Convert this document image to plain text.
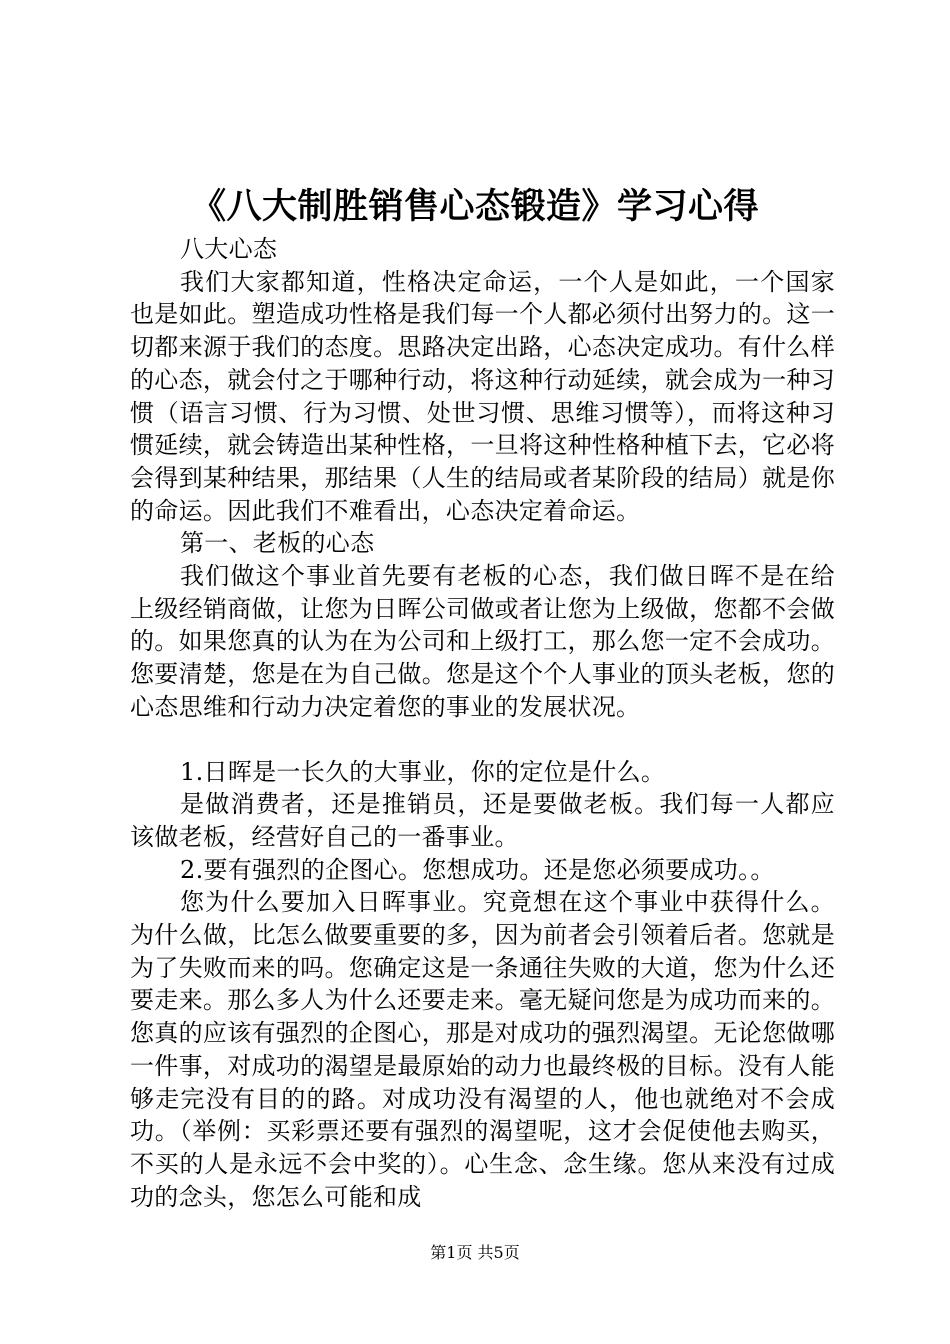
《八大制胜销售心态锻造》学习心得

八大心态

我们大家都知道，性格决定命运，一个人是如此，一个国家也是如此。塑造成功性格是我们每一个人都必须付出努力的。这一切都来源于我们的态度。思路决定出路，心态决定成功。有什么样的心态，就会付之于哪种行动，将这种行动延续，就会成为一种习惯（语言习惯、行为习惯、处世习惯、思维习惯等），而将这种习惯延续，就会铸造出某种性格，一旦将这种性格种植下去，它必将会得到某种结果，那结果（人生的结局或者某阶段的结局）就是你的命运。因此我们不难看出，心态决定着命运。

第一、老板的心态

我们做这个事业首先要有老板的心态，我们做日晖不是在给上级经销商做，让您为日晖公司做或者让您为上级做，您都不会做的。如果您真的认为在为公司和上级打工，那么您一定不会成功。您要清楚，您是在为自己做。您是这个个人事业的顶头老板，您的心态思维和行动力决定着您的事业的发展状况。

1.日晖是一长久的大事业，你的定位是什么。

是做消费者，还是推销员，还是要做老板。我们每一人都应该做老板，经营好自己的一番事业。

2.要有强烈的企图心。您想成功。还是您必须要成功。。

您为什么要加入日晖事业。究竟想在这个事业中获得什么。为什么做，比怎么做要重要的多，因为前者会引领着后者。您就是为了失败而来的吗。您确定这是一条通往失败的大道，您为什么还要走来。那么多人为什么还要走来。毫无疑问您是为成功而来的。您真的应该有强烈的企图心，那是对成功的强烈渴望。无论您做哪一件事，对成功的渴望是最原始的动力也最终极的目标。没有人能够走完没有目的的路。对成功没有渴望的人，他也就绝对不会成功。（举例：买彩票还要有强烈的渴望呢，这才会促使他去购买，不买的人是永远不会中奖的）。心生念、念生缘。您从来没有过成功的念头，您怎么可能和成

第1页 共5页
